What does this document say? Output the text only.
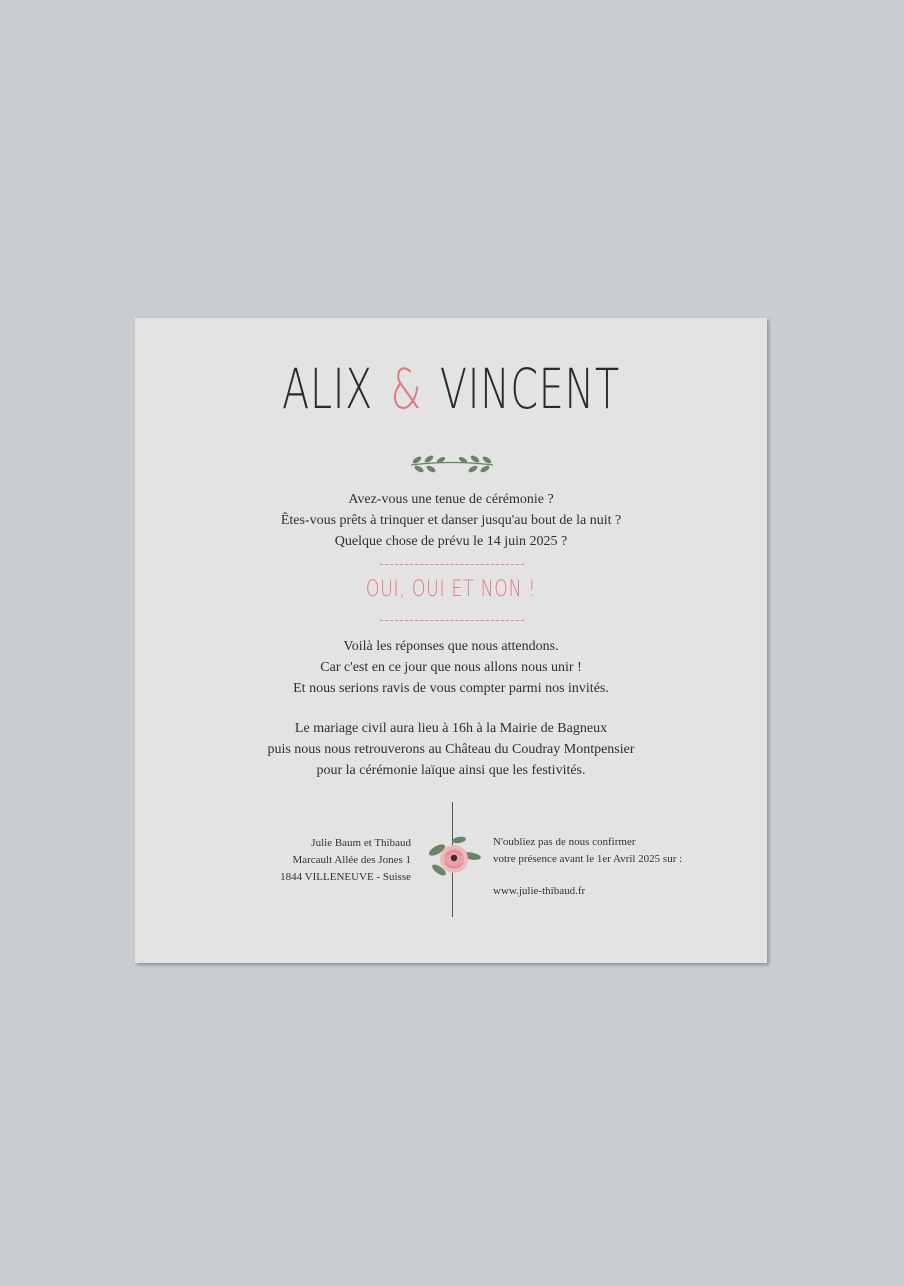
ALIX & VINCENT

Avez-vous une tenue de cérémonie ?
Êtes-vous prêts à trinquer et danser jusqu'au bout de la nuit ?
Quelque chose de prévu le 14 juin 2025 ?

OUI, OUI ET NON !

Voilà les réponses que nous attendons.
Car c'est en ce jour que nous allons nous unir !
Et nous serions ravis de vous compter parmi nos invités.

Le mariage civil aura lieu à 16h à la Mairie de Bagneux
puis nous nous retrouverons au Château du Coudray Montpensier
pour la cérémonie laïque ainsi que les festivités.

Julie Baum et Thibaud
Marcault Allée des Jones 1
1844 VILLENEUVE - Suisse
N'oubliez pas de nous confirmer
votre présence avant le 1er Avril 2025 sur :
www.julie-thibaud.fr
